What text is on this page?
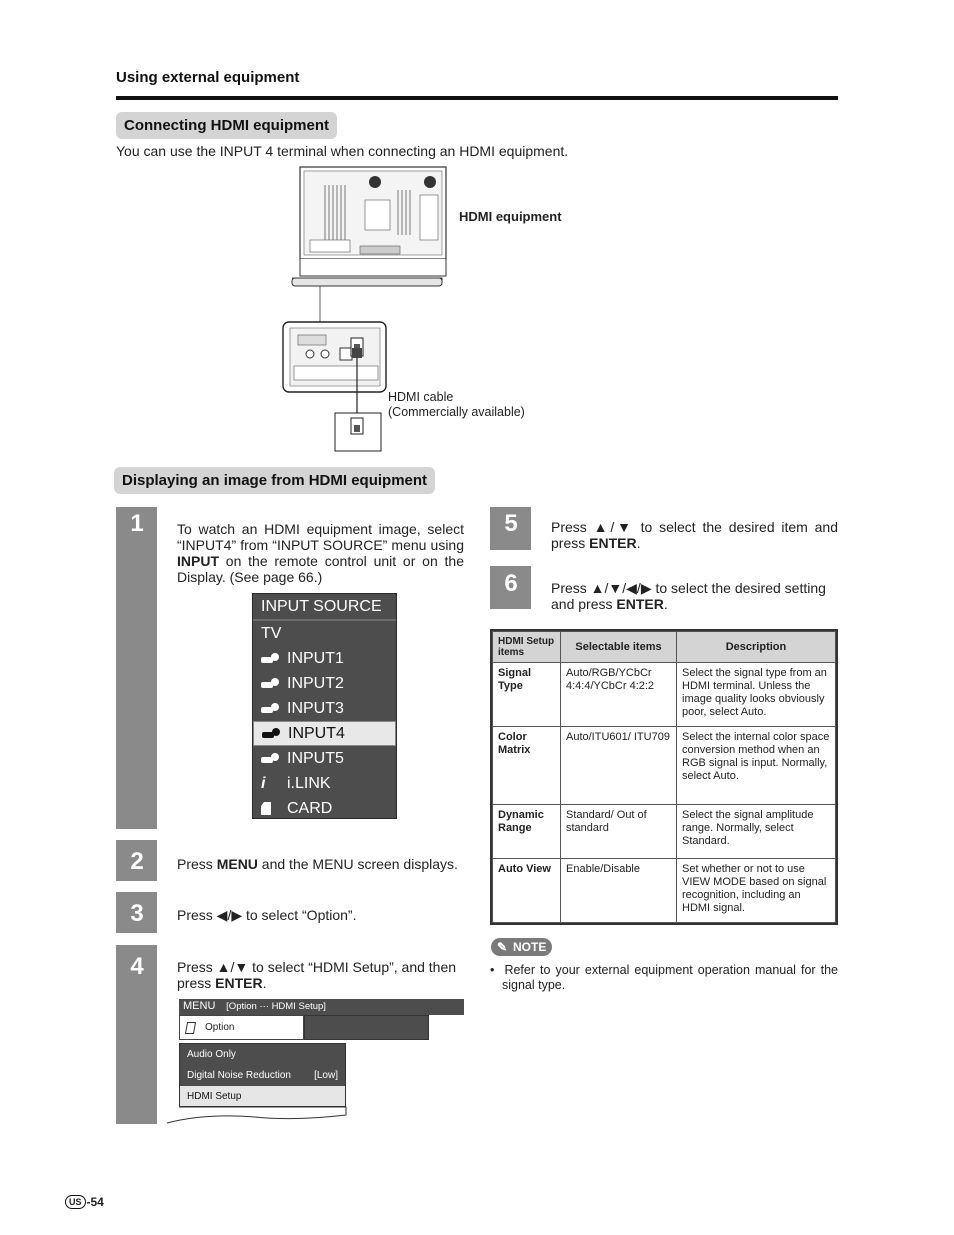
Using external equipment
Connecting HDMI equipment
You can use the INPUT 4 terminal when connecting an HDMI equipment.
HDMI equipment
HDMI cable
(Commercially available)
Displaying an image from HDMI equipment
1	To watch an HDMI equipment image, select “INPUT4” from “INPUT SOURCE” menu using INPUT on the remote control unit or on the Display. (See page 66.)
INPUT SOURCE
TV
INPUT1
INPUT2
INPUT3
INPUT4
INPUT5
i	i.LINK
CARD
2	Press MENU and the MENU screen displays.
3	Press ◀/▶ to select “Option”.
4	Press ▲/▼ to select “HDMI Setup”, and then press ENTER.
MENU [Option ··· HDMI Setup]
Option
Audio Only
Digital Noise Reduction [Low]
HDMI Setup
5	Press ▲/▼ to select the desired item and press ENTER.
6	Press ▲/▼/◀/▶ to select the desired setting and press ENTER.
HDMI Setup items	Selectable items	Description
Signal Type	Auto/RGB/YCbCr 4:4:4/YCbCr 4:2:2	Select the signal type from an HDMI terminal. Unless the image quality looks obviously poor, select Auto.
Color Matrix	Auto/ITU601/ ITU709	Select the internal color space conversion method when an RGB signal is input. Normally, select Auto.
Dynamic Range	Standard/ Out of standard	Select the signal amplitude range. Normally, select Standard.
Auto View	Enable/Disable	Set whether or not to use VIEW MODE based on signal recognition, including an HDMI signal.
✎ NOTE
•  Refer to your external equipment operation manual for the signal type.
US -54
